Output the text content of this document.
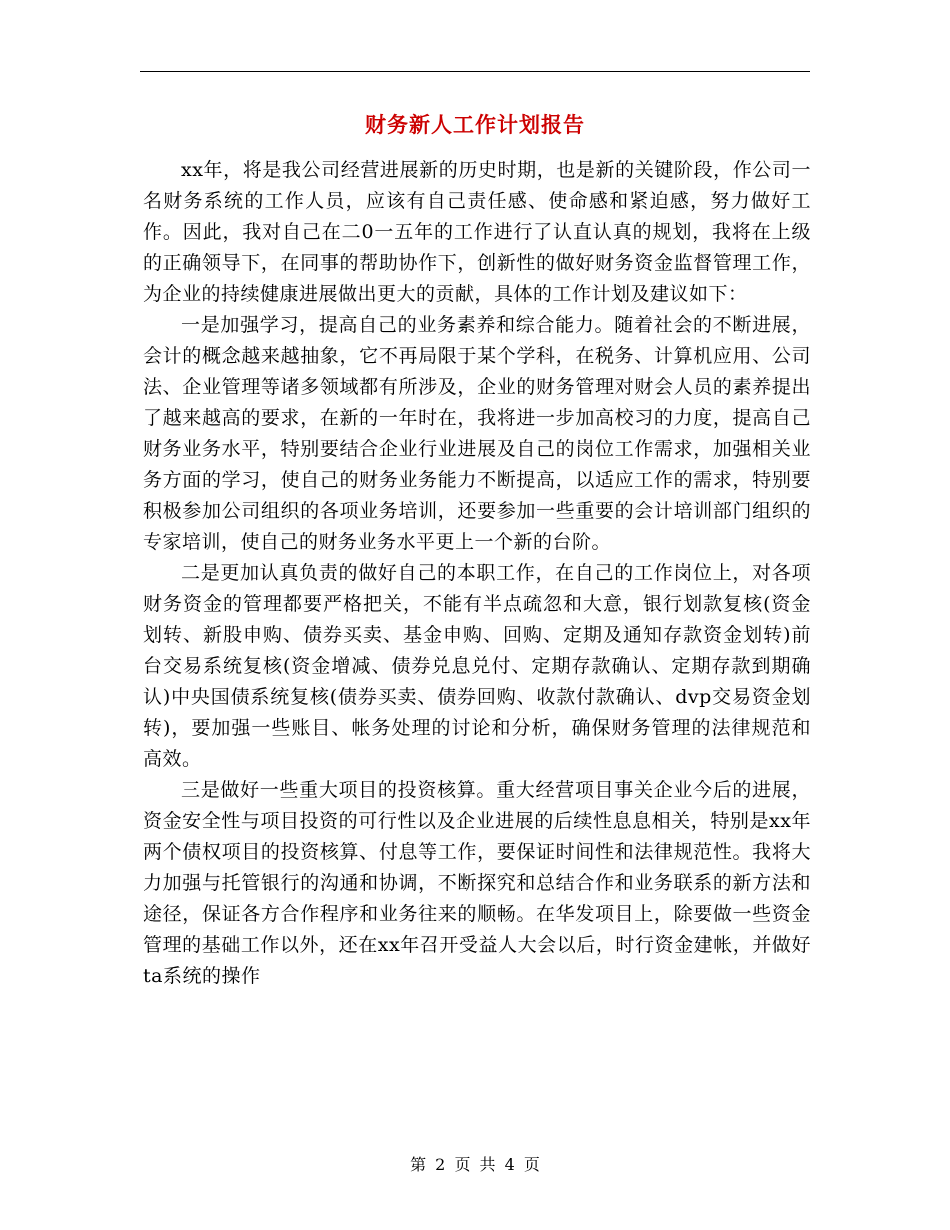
财务新人工作计划报告

xx年，将是我公司经营进展新的历史时期，也是新的关键阶段，作公司一名财务系统的工作人员，应该有自己责任感、使命感和紧迫感，努力做好工作。因此，我对自己在二0一五年的工作进行了认直认真的规划，我将在上级的正确领导下，在同事的帮助协作下，创新性的做好财务资金监督管理工作，为企业的持续健康进展做出更大的贡献，具体的工作计划及建议如下：

一是加强学习，提高自己的业务素养和综合能力。随着社会的不断进展，会计的概念越来越抽象，它不再局限于某个学科，在税务、计算机应用、公司法、企业管理等诸多领域都有所涉及，企业的财务管理对财会人员的素养提出了越来越高的要求，在新的一年时在，我将进一步加高校习的力度，提高自己财务业务水平，特别要结合企业行业进展及自己的岗位工作需求，加强相关业务方面的学习，使自己的财务业务能力不断提高，以适应工作的需求，特别要积极参加公司组织的各项业务培训，还要参加一些重要的会计培训部门组织的专家培训，使自己的财务业务水平更上一个新的台阶。

二是更加认真负责的做好自己的本职工作，在自己的工作岗位上，对各项财务资金的管理都要严格把关，不能有半点疏忽和大意，银行划款复核(资金划转、新股申购、债券买卖、基金申购、回购、定期及通知存款资金划转)前台交易系统复核(资金增减、债券兑息兑付、定期存款确认、定期存款到期确认)中央国债系统复核(债券买卖、债券回购、收款付款确认、dvp交易资金划转)，要加强一些账目、帐务处理的讨论和分析，确保财务管理的法律规范和高效。

三是做好一些重大项目的投资核算。重大经营项目事关企业今后的进展，资金安全性与项目投资的可行性以及企业进展的后续性息息相关，特别是xx年两个债权项目的投资核算、付息等工作，要保证时间性和法律规范性。我将大力加强与托管银行的沟通和协调，不断探究和总结合作和业务联系的新方法和途径，保证各方合作程序和业务往来的顺畅。在华发项目上，除要做一些资金管理的基础工作以外，还在xx年召开受益人大会以后，时行资金建帐，并做好ta系统的操作

第 2 页 共 4 页
